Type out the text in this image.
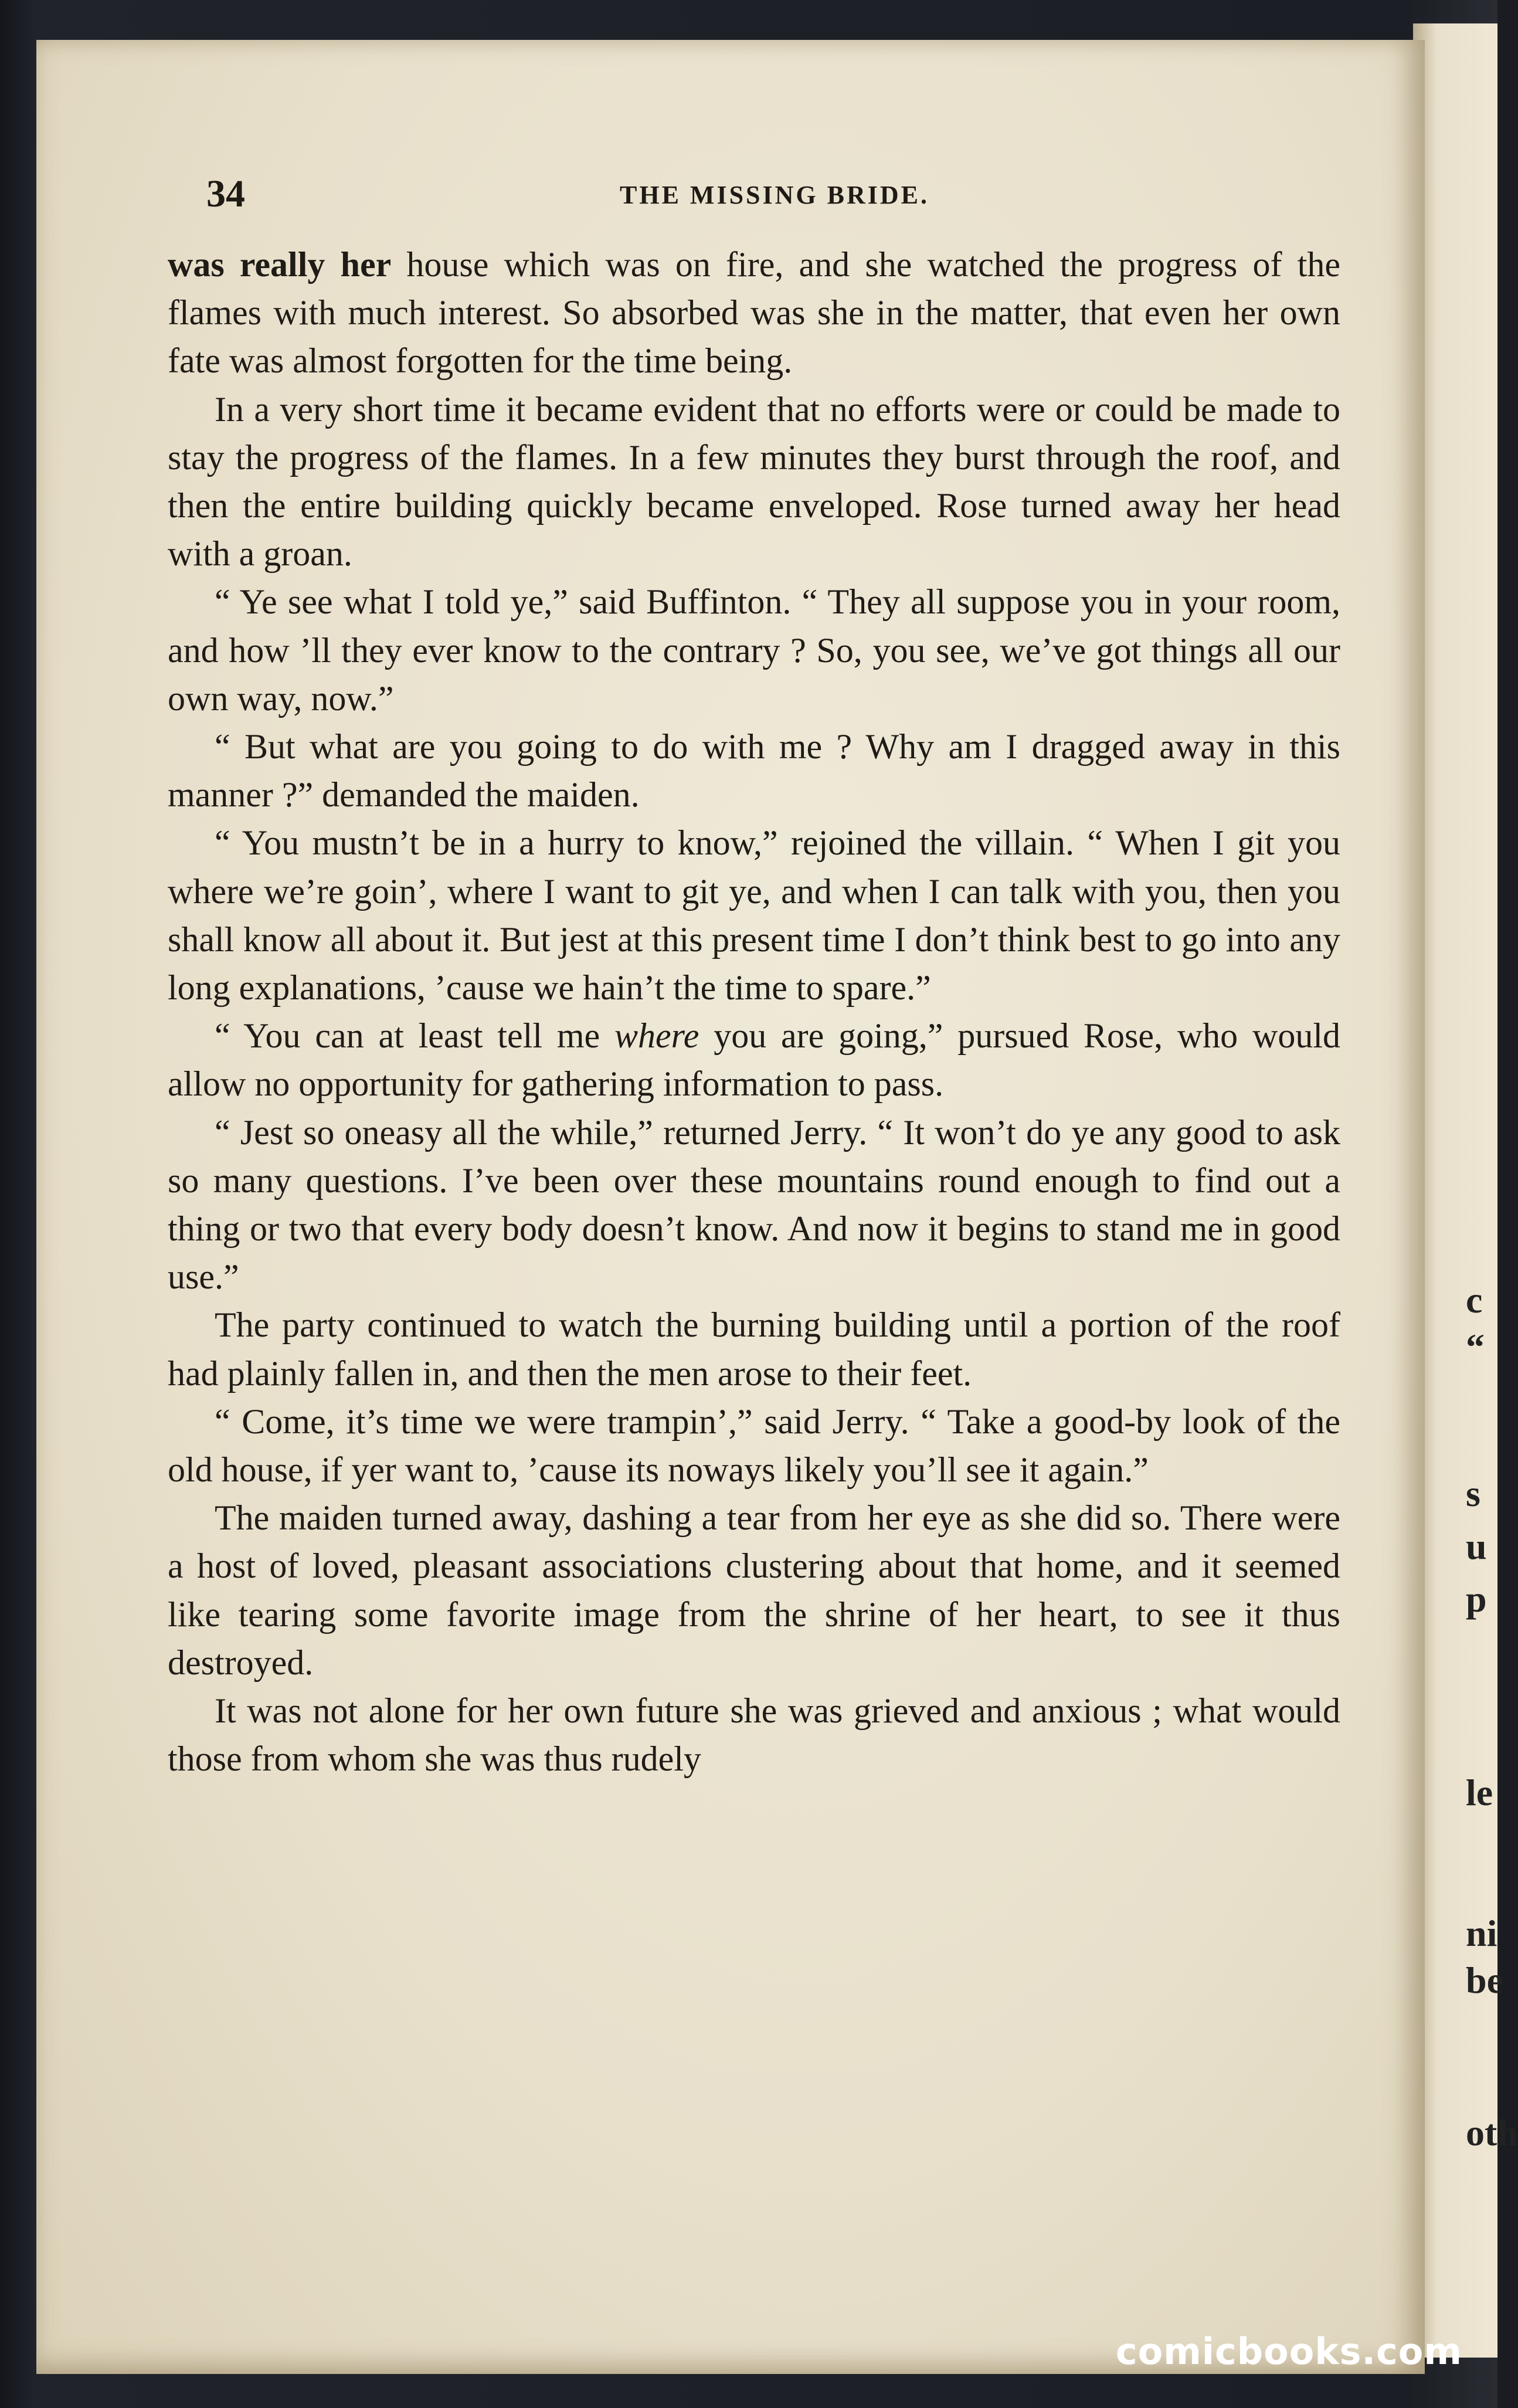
c
“
s
u
p
le
ni
be
oth
34	THE MISSING BRIDE.

was really her house which was on fire, and she watched the progress of the flames with much interest. So absorbed was she in the matter, that even her own fate was almost forgotten for the time being.

In a very short time it became evident that no efforts were or could be made to stay the progress of the flames. In a few minutes they burst through the roof, and then the entire building quickly became enveloped. Rose turned away her head with a groan.

“ Ye see what I told ye,” said Buffinton. “ They all suppose you in your room, and how ’ll they ever know to the contrary ? So, you see, we’ve got things all our own way, now.”

“ But what are you going to do with me ? Why am I dragged away in this manner ?” demanded the maiden.

“ You mustn’t be in a hurry to know,” rejoined the villain. “ When I git you where we’re goin’, where I want to git ye, and when I can talk with you, then you shall know all about it. But jest at this present time I don’t think best to go into any long explanations, ’cause we hain’t the time to spare.”

“ You can at least tell me where you are going,” pursued Rose, who would allow no opportunity for gathering information to pass.

“ Jest so oneasy all the while,” returned Jerry. “ It won’t do ye any good to ask so many questions. I’ve been over these mountains round enough to find out a thing or two that every body doesn’t know. And now it begins to stand me in good use.”

The party continued to watch the burning building until a portion of the roof had plainly fallen in, and then the men arose to their feet.

“ Come, it’s time we were trampin’,” said Jerry. “ Take a good-by look of the old house, if yer want to, ’cause its noways likely you’ll see it again.”

The maiden turned away, dashing a tear from her eye as she did so. There were a host of loved, pleasant associations clustering about that home, and it seemed like tearing some favorite image from the shrine of her heart, to see it thus destroyed.

It was not alone for her own future she was grieved and anxious ; what would those from whom she was thus rudely

comicbooks.com
